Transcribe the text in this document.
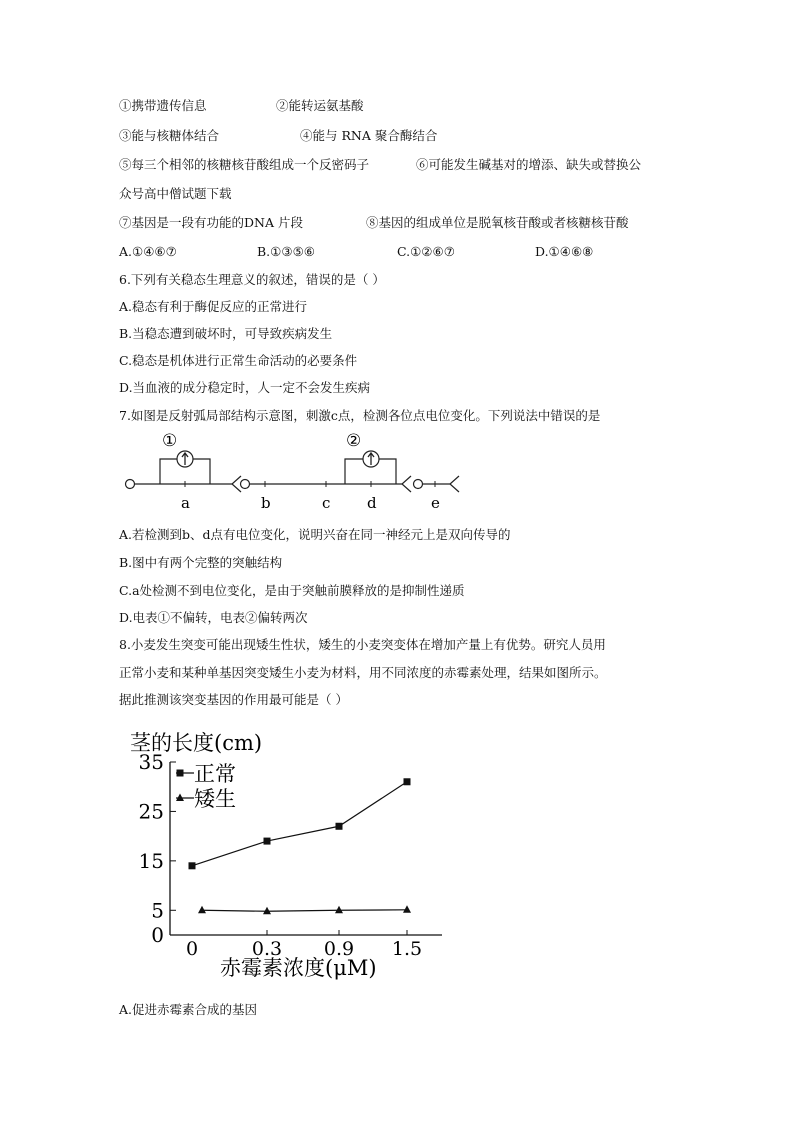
①携带遗传信息	②能转运氨基酸
③能与核糖体结合	④能与 RNA 聚合酶结合
⑤每三个相邻的核糖核苷酸组成一个反密码子	⑥可能发生碱基对的增添、缺失或替换公
众号高中僧试题下载
⑦基因是一段有功能的DNA 片段	⑧基因的组成单位是脱氧核苷酸或者核糖核苷酸
A.①④⑥⑦	B.①③⑤⑥	C.①②⑥⑦	D.①④⑥⑧
6.下列有关稳态生理意义的叙述，错误的是（ ）
A.稳态有利于酶促反应的正常进行
B.当稳态遭到破坏时，可导致疾病发生
C.稳态是机体进行正常生命活动的必要条件
D.当血液的成分稳定时，人一定不会发生疾病
7.如图是反射弧局部结构示意图，刺激c点，检测各位点电位变化。下列说法中错误的是
①
a	b	c
②
d	e
A.若检测到b、d点有电位变化，说明兴奋在同一神经元上是双向传导的
B.图中有两个完整的突触结构
C.a处检测不到电位变化，是由于突触前膜释放的是抑制性递质
D.电表①不偏转，电表②偏转两次
8.小麦发生突变可能出现矮生性状，矮生的小麦突变体在增加产量上有优势。研究人员用
正常小麦和某种单基因突变矮生小麦为材料，用不同浓度的赤霉素处理，结果如图所示。
据此推测该突变基因的作用最可能是（ ）
茎的长度(cm)
赤霉素浓度(μM)
0
5
15
25
35
0	0.3 0.9 1.5
正常
矮生
A.促进赤霉素合成的基因
